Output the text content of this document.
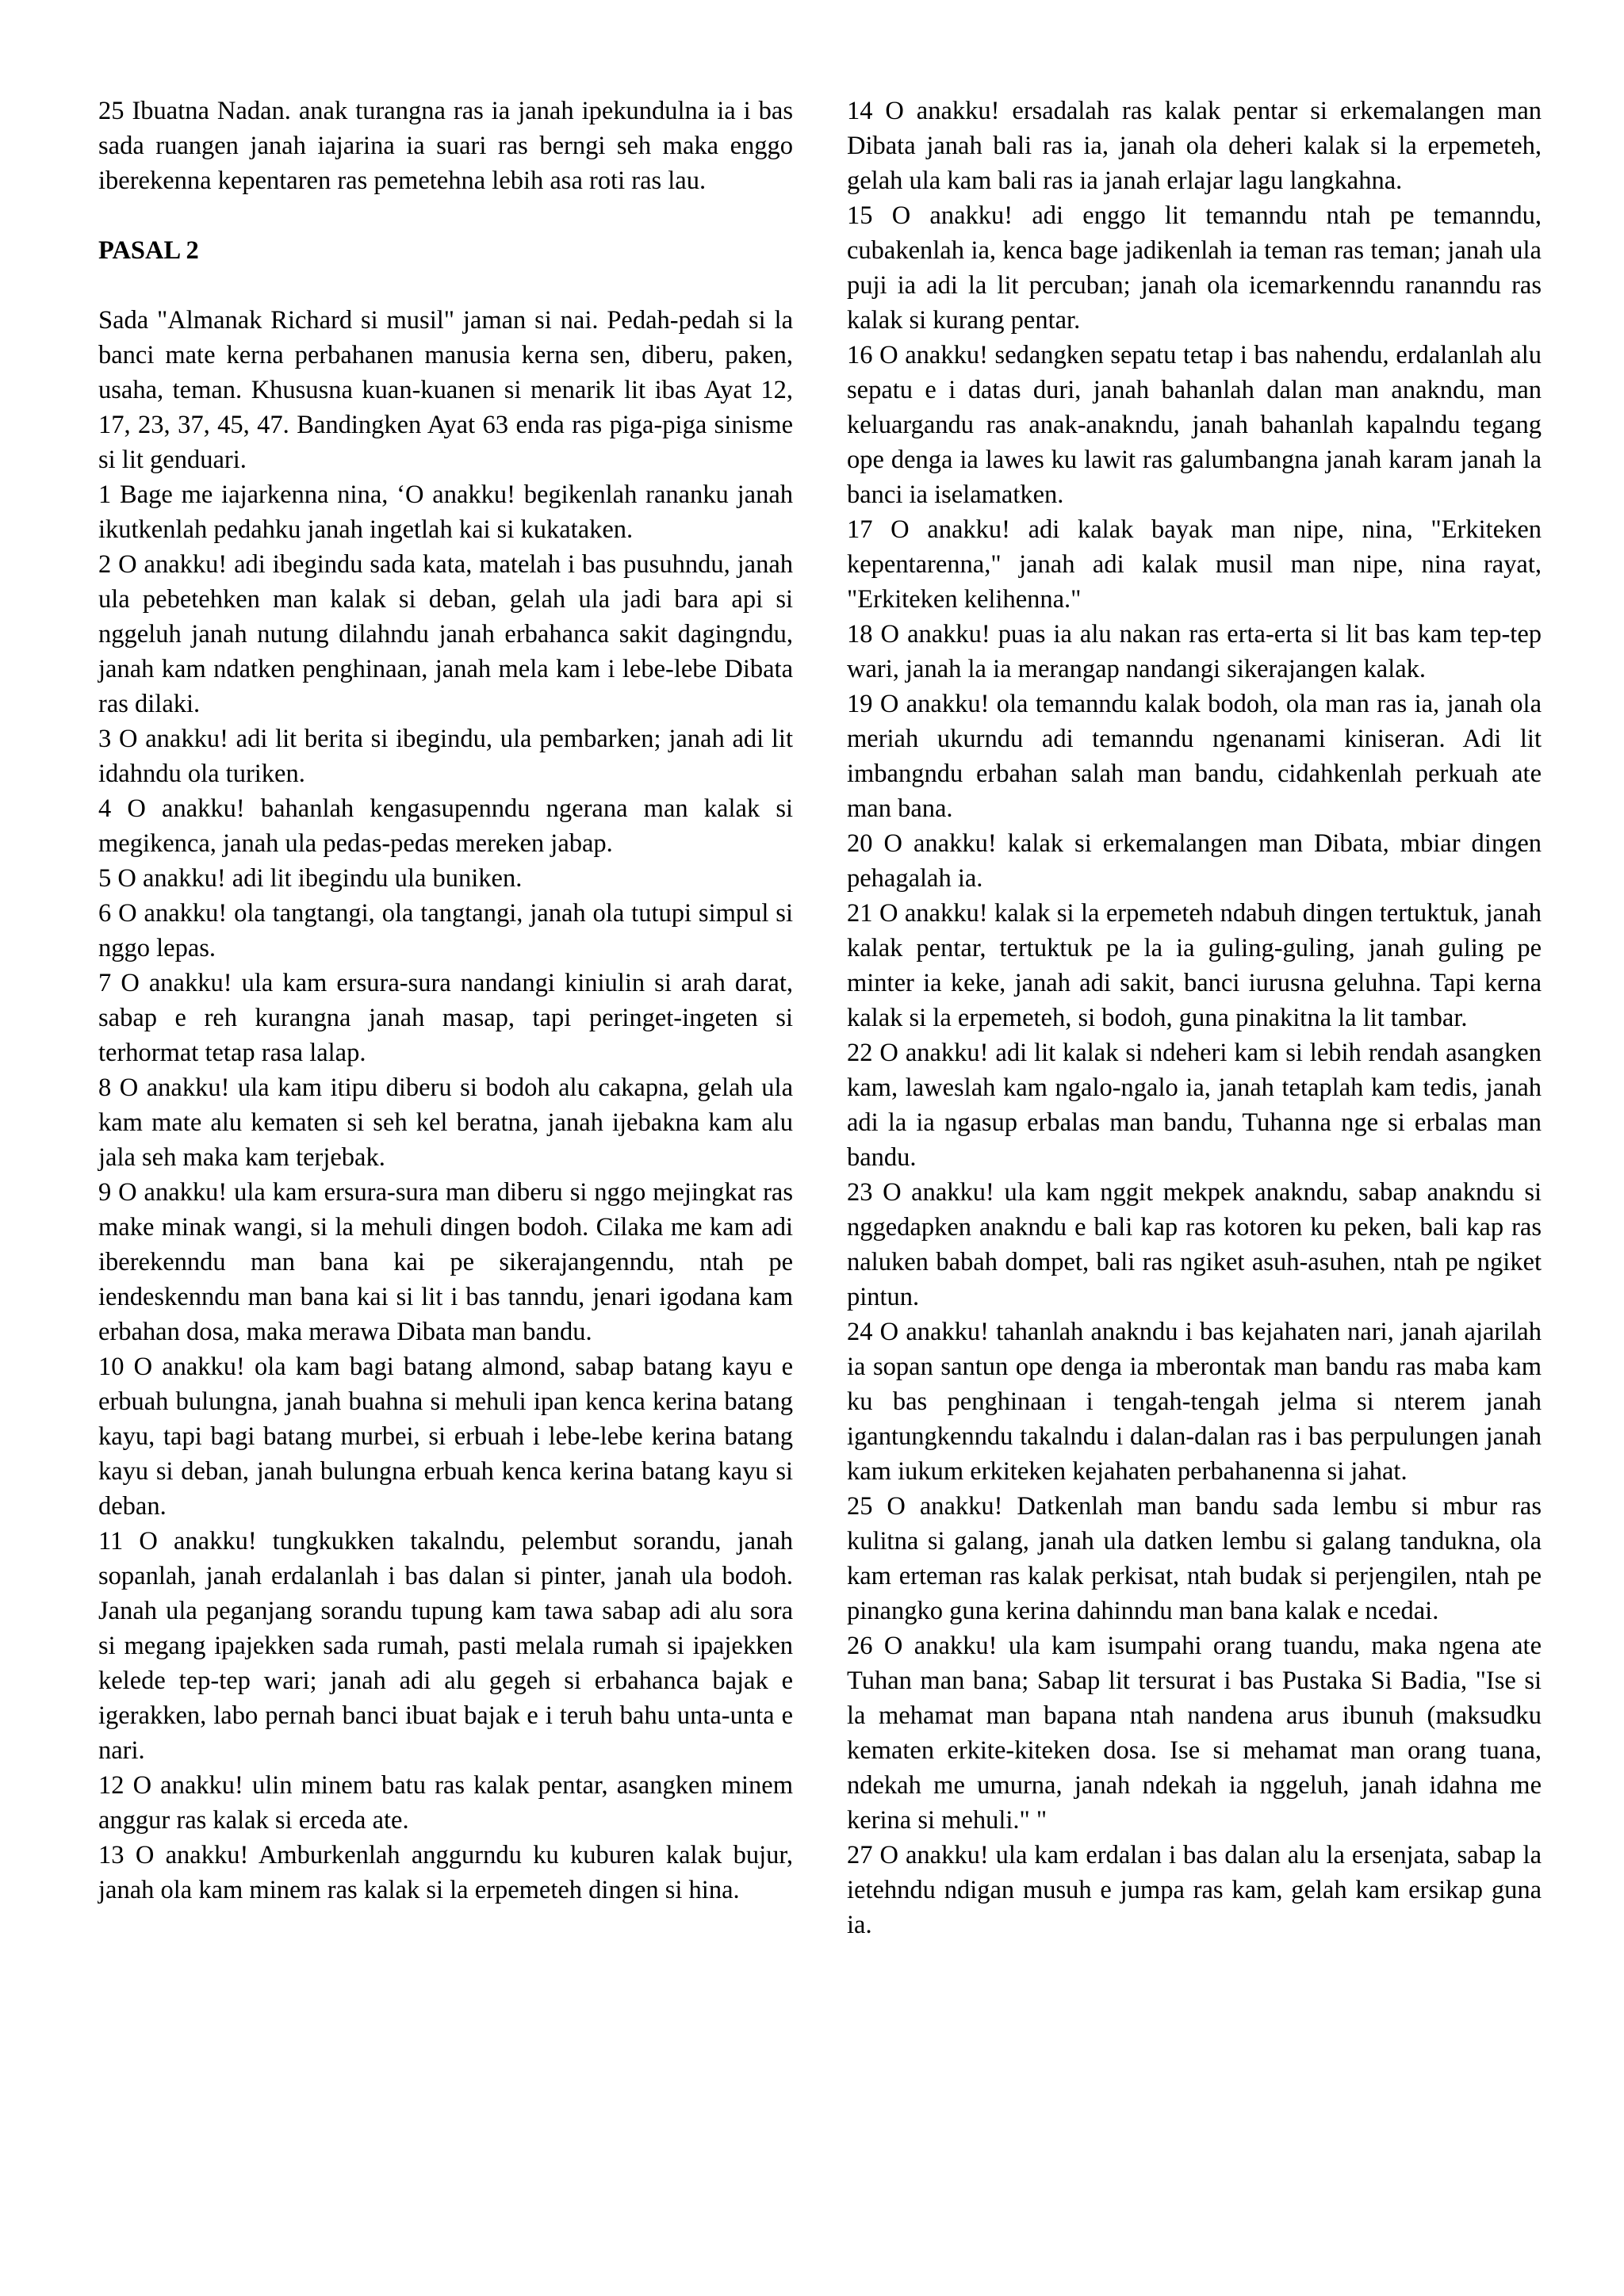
25 Ibuatna Nadan. anak turangna ras ia janah ipekundulna ia i bas sada ruangen janah iajarina ia suari ras berngi seh maka enggo iberekenna kepentaren ras pemetehna lebih asa roti ras lau.

PASAL 2

Sada "Almanak Richard si musil" jaman si nai. Pedah-pedah si la banci mate kerna perbahanen manusia kerna sen, diberu, paken, usaha, teman. Khususna kuan-kuanen si menarik lit ibas Ayat 12, 17, 23, 37, 45, 47. Bandingken Ayat 63 enda ras piga-piga sinisme si lit genduari.

1 Bage me iajarkenna nina, ‘O anakku! begikenlah rananku janah ikutkenlah pedahku janah ingetlah kai si kukataken.

2 O anakku! adi ibegindu sada kata, matelah i bas pusuhndu, janah ula pebetehken man kalak si deban, gelah ula jadi bara api si nggeluh janah nutung dilahndu janah erbahanca sakit dagingndu, janah kam ndatken penghinaan, janah mela kam i lebe-lebe Dibata ras dilaki.

3 O anakku! adi lit berita si ibegindu, ula pembarken; janah adi lit idahndu ola turiken.

4 O anakku! bahanlah kengasupenndu ngerana man kalak si megikenca, janah ula pedas-pedas mereken jabap.

5 O anakku! adi lit ibegindu ula buniken.

6 O anakku! ola tangtangi, ola tangtangi, janah ola tutupi simpul si nggo lepas.

7 O anakku! ula kam ersura-sura nandangi kiniulin si arah darat, sabap e reh kurangna janah masap, tapi peringet-ingeten si terhormat tetap rasa lalap.

8 O anakku! ula kam itipu diberu si bodoh alu cakapna, gelah ula kam mate alu kematen si seh kel beratna, janah ijebakna kam alu jala seh maka kam terjebak.

9 O anakku! ula kam ersura-sura man diberu si nggo mejingkat ras make minak wangi, si la mehuli dingen bodoh. Cilaka me kam adi iberekenndu man bana kai pe sikerajangenndu, ntah pe iendeskenndu man bana kai si lit i bas tanndu, jenari igodana kam erbahan dosa, maka merawa Dibata man bandu.

10 O anakku! ola kam bagi batang almond, sabap batang kayu e erbuah bulungna, janah buahna si mehuli ipan kenca kerina batang kayu, tapi bagi batang murbei, si erbuah i lebe-lebe kerina batang kayu si deban, janah bulungna erbuah kenca kerina batang kayu si deban.

11 O anakku! tungkukken takalndu, pelembut sorandu, janah sopanlah, janah erdalanlah i bas dalan si pinter, janah ula bodoh. Janah ula peganjang sorandu tupung kam tawa sabap adi alu sora si megang ipajekken sada rumah, pasti melala rumah si ipajekken kelede tep-tep wari; janah adi alu gegeh si erbahanca bajak e igerakken, labo pernah banci ibuat bajak e i teruh bahu unta-unta e nari.

12 O anakku! ulin minem batu ras kalak pentar, asangken minem anggur ras kalak si erceda ate.

13 O anakku! Amburkenlah anggurndu ku kuburen kalak bujur, janah ola kam minem ras kalak si la erpemeteh dingen si hina.

14 O anakku! ersadalah ras kalak pentar si erkemalangen man Dibata janah bali ras ia, janah ola deheri kalak si la erpemeteh, gelah ula kam bali ras ia janah erlajar lagu langkahna.

15 O anakku! adi enggo lit temanndu ntah pe temanndu, cubakenlah ia, kenca bage jadikenlah ia teman ras teman; janah ula puji ia adi la lit percuban; janah ola icemarkenndu rananndu ras kalak si kurang pentar.

16 O anakku! sedangken sepatu tetap i bas nahendu, erdalanlah alu sepatu e i datas duri, janah bahanlah dalan man anakndu, man keluargandu ras anak-anakndu, janah bahanlah kapalndu tegang ope denga ia lawes ku lawit ras galumbangna janah karam janah la banci ia iselamatken.

17 O anakku! adi kalak bayak man nipe, nina, "Erkiteken kepentarenna," janah adi kalak musil man nipe, nina rayat, "Erkiteken kelihenna."

18 O anakku! puas ia alu nakan ras erta-erta si lit bas kam tep-tep wari, janah la ia merangap nandangi sikerajangen kalak.

19 O anakku! ola temanndu kalak bodoh, ola man ras ia, janah ola meriah ukurndu adi temanndu ngenanami kiniseran. Adi lit imbangndu erbahan salah man bandu, cidahkenlah perkuah ate man bana.

20 O anakku! kalak si erkemalangen man Dibata, mbiar dingen pehagalah ia.

21 O anakku! kalak si la erpemeteh ndabuh dingen tertuktuk, janah kalak pentar, tertuktuk pe la ia guling-guling, janah guling pe minter ia keke, janah adi sakit, banci iurusna geluhna. Tapi kerna kalak si la erpemeteh, si bodoh, guna pinakitna la lit tambar.

22 O anakku! adi lit kalak si ndeheri kam si lebih rendah asangken kam, laweslah kam ngalo-ngalo ia, janah tetaplah kam tedis, janah adi la ia ngasup erbalas man bandu, Tuhanna nge si erbalas man bandu.

23 O anakku! ula kam nggit mekpek anakndu, sabap anakndu si nggedapken anakndu e bali kap ras kotoren ku peken, bali kap ras naluken babah dompet, bali ras ngiket asuh-asuhen, ntah pe ngiket pintun.

24 O anakku! tahanlah anakndu i bas kejahaten nari, janah ajarilah ia sopan santun ope denga ia mberontak man bandu ras maba kam ku bas penghinaan i tengah-tengah jelma si nterem janah igantungkenndu takalndu i dalan-dalan ras i bas perpulungen janah kam iukum erkiteken kejahaten perbahanenna si jahat.

25 O anakku! Datkenlah man bandu sada lembu si mbur ras kulitna si galang, janah ula datken lembu si galang tandukna, ola kam erteman ras kalak perkisat, ntah budak si perjengilen, ntah pe pinangko guna kerina dahinndu man bana kalak e ncedai.

26 O anakku! ula kam isumpahi orang tuandu, maka ngena ate Tuhan man bana; Sabap lit tersurat i bas Pustaka Si Badia, "Ise si la mehamat man bapana ntah nandena arus ibunuh (maksudku kematen erkite-kiteken dosa. Ise si mehamat man orang tuana, ndekah me umurna, janah ndekah ia nggeluh, janah idahna me kerina si mehuli." "

27 O anakku! ula kam erdalan i bas dalan alu la ersenjata, sabap la ietehndu ndigan musuh e jumpa ras kam, gelah kam ersikap guna ia.
